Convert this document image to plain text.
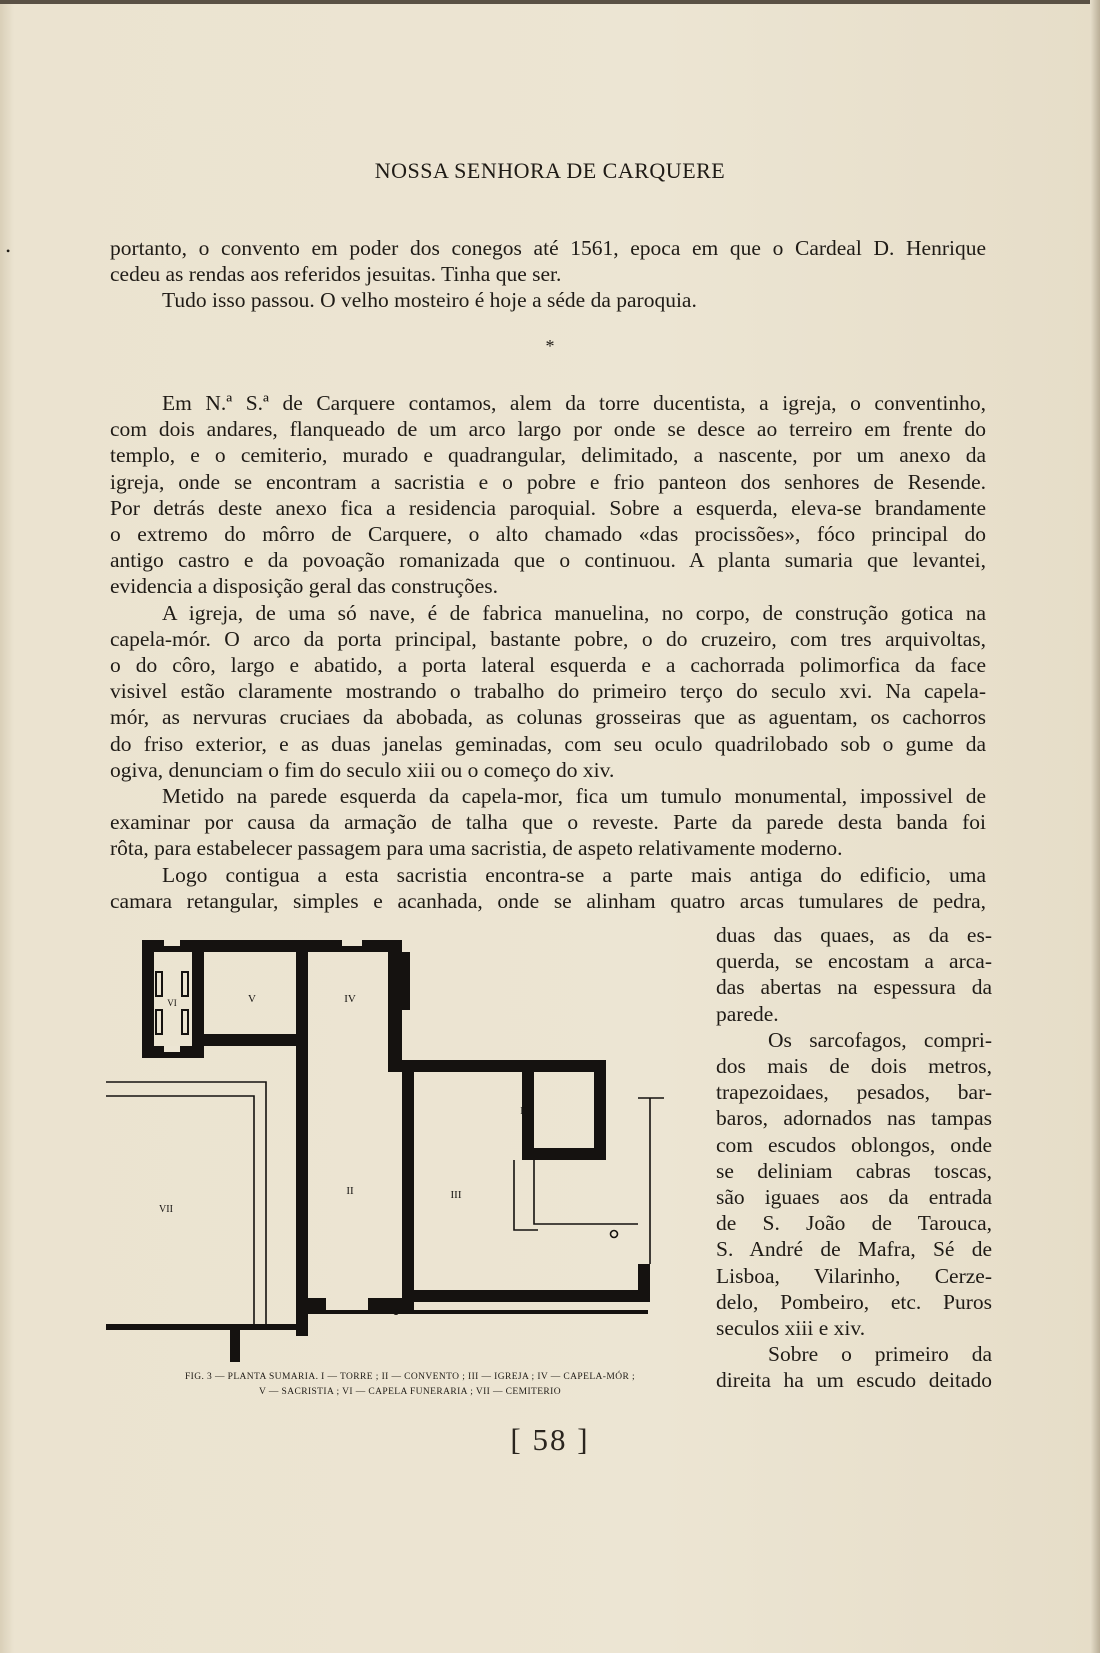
•
NOSSA SENHORA DE CARQUERE
portanto, o convento em poder dos conegos até 1561, epoca em que o Cardeal D. Henrique
cedeu as rendas aos referidos jesuitas. Tinha que ser.
Tudo isso passou. O velho mosteiro é hoje a séde da paroquia.
*
Em N.ª S.ª de Carquere contamos, alem da torre ducentista, a igreja, o conventinho,
com dois andares, flanqueado de um arco largo por onde se desce ao terreiro em frente do
templo, e o cemiterio, murado e quadrangular, delimitado, a nascente, por um anexo da
igreja, onde se encontram a sacristia e o pobre e frio panteon dos senhores de Resende.
Por detrás deste anexo fica a residencia paroquial. Sobre a esquerda, eleva-se brandamente
o extremo do môrro de Carquere, o alto chamado «das procissões», fóco principal do
antigo castro e da povoação romanizada que o continuou. A planta sumaria que levantei,
evidencia a disposição geral das construções.
A igreja, de uma só nave, é de fabrica manuelina, no corpo, de construção gotica na
capela-mór. O arco da porta principal, bastante pobre, o do cruzeiro, com tres arquivoltas,
o do côro, largo e abatido, a porta lateral esquerda e a cachorrada polimorfica da face
visivel estão claramente mostrando o trabalho do primeiro terço do seculo xvi. Na capela-
mór, as nervuras cruciaes da abobada, as colunas grosseiras que as aguentam, os cachorros
do friso exterior, e as duas janelas geminadas, com seu oculo quadrilobado sob o gume da
ogiva, denunciam o fim do seculo xiii ou o começo do xiv.
Metido na parede esquerda da capela-mor, fica um tumulo monumental, impossivel de
examinar por causa da armação de talha que o reveste. Parte da parede desta banda foi
rôta, para estabelecer passagem para uma sacristia, de aspeto relativamente moderno.
Logo contigua a esta sacristia encontra-se a parte mais antiga do edificio, uma
camara retangular, simples e acanhada, onde se alinham quatro arcas tumulares de pedra,
duas das quaes, as da es-
querda, se encostam a arca-
das abertas na espessura da
parede.
Os sarcofagos, compri-
dos mais de dois metros,
trapezoidaes, pesados, bar-
baros, adornados nas tampas
com escudos oblongos, onde
se deliniam cabras toscas,
são iguaes aos da entrada
de S. João de Tarouca,
S. André de Mafra, Sé de
Lisboa, Vilarinho, Cerze-
delo, Pombeiro, etc. Puros
seculos xiii e xiv.
Sobre o primeiro da
direita ha um escudo deitado
I
II	III
IV
V
VI
VII
FIG. 3 — PLANTA SUMARIA. I — TORRE ; II — CONVENTO ; III — IGREJA ; IV — CAPELA-MÓR ;
V — SACRISTIA ; VI — CAPELA FUNERARIA ; VII — CEMITERIO
[ 58 ]
